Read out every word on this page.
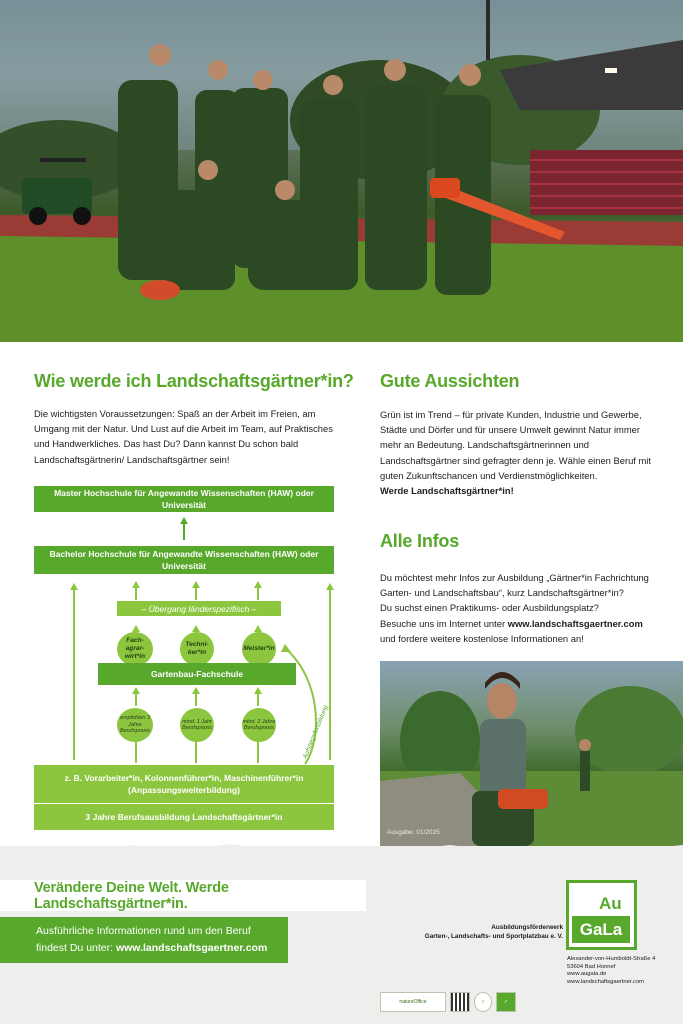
Wie werde ich Landschaftsgärtner*in?
Die wichtigsten Voraussetzungen: Spaß an der Arbeit im Freien, am Umgang mit der Natur. Und Lust auf die Arbeit im Team, auf Praktisches und Handwerkliches. Das hast Du? Dann kannst Du schon bald Landschaftsgärtnerin/ Landschaftsgärtner sein!
Master Hochschule für Angewandte Wissenschaften (HAW) oder Universität
Bachelor Hochschule für Angewandte Wissenschaften (HAW) oder Universität
– Übergang länderspezifisch –
Fach-agrar-wirt*in
Techni-ker*in
Meister*in
Gartenbau-Fachschule
empfohlen 3 Jahre Berufspraxis
mind. 1 Jahr Berufspraxis
mind. 2 Jahre Berufspraxis	Aufstiegsfortbildung
z. B. Vorarbeiter*in, Kolonnenführer*in, Maschinenführer*in
(Anpassungsweiterbildung)
3 Jahre Berufsausbildung Landschaftsgärtner*in
Gute Aussichten
Grün ist im Trend – für private Kunden, Industrie und Gewerbe, Städte und Dörfer und für unsere Umwelt gewinnt Natur immer mehr an Bedeutung. Landschaftsgärtnerinnen und Landschaftsgärtner sind gefragter denn je. Wähle einen Beruf mit guten Zukunftschancen und Verdienstmöglichkeiten.
Werde Landschaftsgärtner*in!
Alle Infos
Du möchtest mehr Infos zur Ausbildung „Gärtner*in Fachrichtung Garten- und Landschaftsbau“, kurz Landschaftsgärtner*in?
Du suchst einen Praktikums- oder Ausbildungsplatz?
Besuche uns im Internet unter www.landschaftsgaertner.com
und fordere weitere kostenlose Informationen an!
Ausgabe: 01/2025
Verändere Deine Welt. Werde Landschaftsgärtner*in.
Ausführliche Informationen rund um den Beruf
findest Du unter: www.landschaftsgaertner.com
Ausbildungsförderwerk
Garten-, Landschafts- und Sportplatzbau e. V.
Au
GaLa
Alexander-von-Humboldt-Straße 4
53604 Bad Honnef
www.augala.de
www.landschaftsgaertner.com
natureOffice	○	✓
